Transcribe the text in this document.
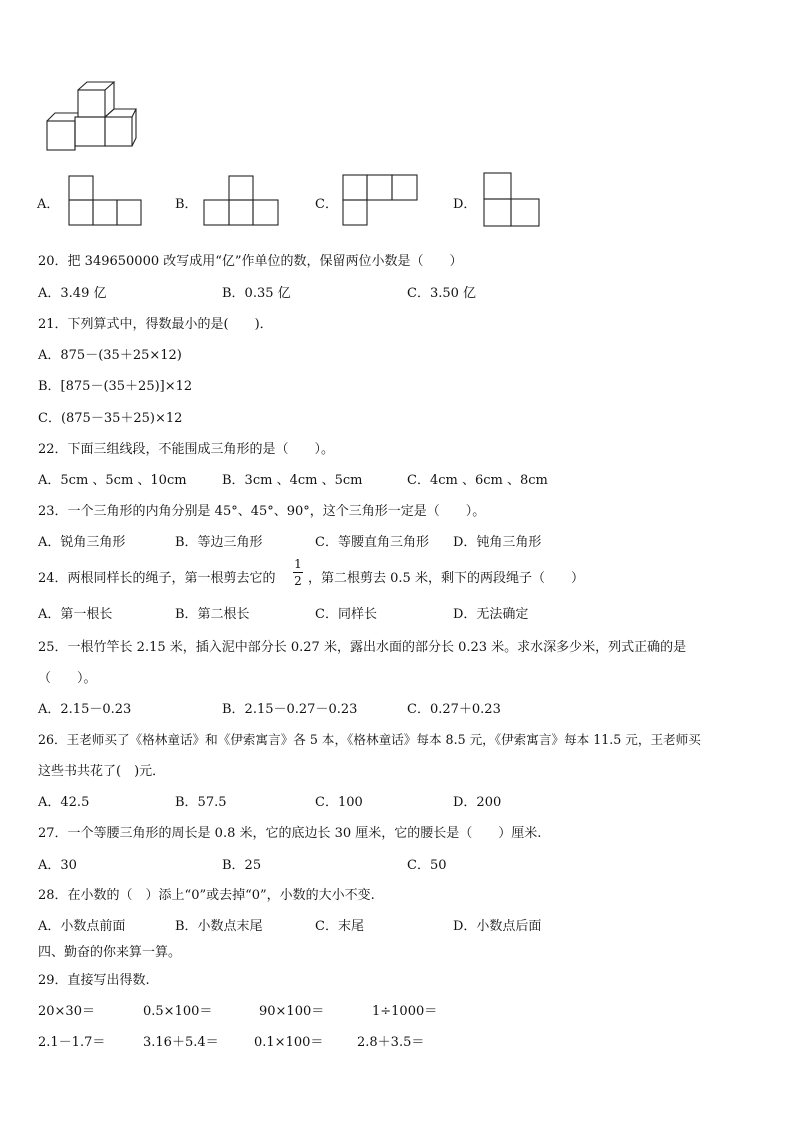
A．	B．	C．	D．
20．把 349650000 改写成用“亿”作单位的数，保留两位小数是（　　）
A．3.49 亿	B．0.35 亿	C．3.50 亿
21．下列算式中，得数最小的是(　　)．
A．875－(35＋25×12)
B．[875－(35＋25)]×12
C．(875－35＋25)×12
22．下面三组线段，不能围成三角形的是（　　）。
A．5cm 、5cm 、10cm	B．3cm 、4cm 、5cm	C．4cm 、6cm 、8cm
23．一个三角形的内角分别是 45°、45°、90°，这个三角形一定是（　　）。
A．锐角三角形	B．等边三角形	C．等腰直角三角形 D．钝角三角形
24．两根同样长的绳子，第一根剪去它的
1
2 ，第二根剪去 0.5 米，剩下的两段绳子（　　）
A．第一根长	B．第二根长	C．同样长	D．无法确定
25．一根竹竿长 2.15 米，插入泥中部分长 0.27 米，露出水面的部分长 0.23 米。求水深多少米，列式正确的是
（　　）。
A．2.15－0.23	B．2.15－0.27－0.23	C．0.27＋0.23
26．王老师买了《格林童话》和《伊索寓言》各 5 本，《格林童话》每本 8.5 元，《伊索寓言》每本 11.5 元，王老师买
这些书共花了(　)元．
A．42.5	B．57.5	C．100	D．200
27．一个等腰三角形的周长是 0.8 米，它的底边长 30 厘米，它的腰长是（　　）厘米.
A．30	B．25	C．50
28．在小数的（　）添上“0”或去掉“0”，小数的大小不变.
A．小数点前面	B．小数点末尾	C．末尾	D．小数点后面
四、勤奋的你来算一算。
29．直接写出得数.
20×30＝	0.5×100＝	90×100＝	1÷1000＝
2.1－1.7＝	3.16＋5.4＝	0.1×100＝	2.8＋3.5＝
